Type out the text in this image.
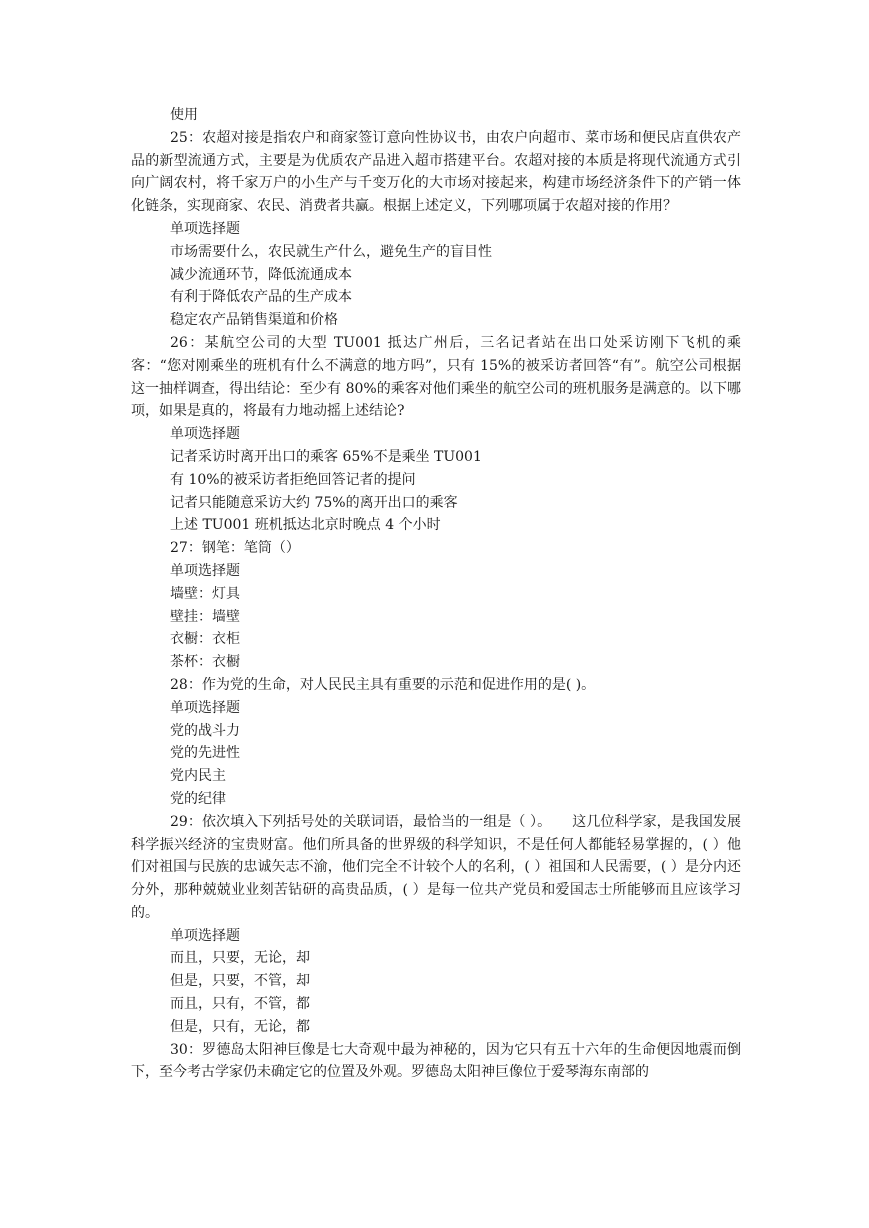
使用
25：农超对接是指农户和商家签订意向性协议书，由农户向超市、菜市场和便民店直供农产品的新型流通方式，主要是为优质农产品进入超市搭建平台。农超对接的本质是将现代流通方式引向广阔农村，将千家万户的小生产与千变万化的大市场对接起来，构建市场经济条件下的产销一体化链条，实现商家、农民、消费者共赢。根据上述定义，下列哪项属于农超对接的作用？
单项选择题
市场需要什么，农民就生产什么，避免生产的盲目性
减少流通环节，降低流通成本
有利于降低农产品的生产成本
稳定农产品销售渠道和价格
26：某航空公司的大型 TU001 抵达广州后，三名记者站在出口处采访刚下飞机的乘客：“您对刚乘坐的班机有什么不满意的地方吗”，只有 15%的被采访者回答“有”。航空公司根据这一抽样调查，得出结论：至少有 80%的乘客对他们乘坐的航空公司的班机服务是满意的。以下哪项，如果是真的，将最有力地动摇上述结论?
单项选择题
记者采访时离开出口的乘客 65%不是乘坐 TU001
有 10%的被采访者拒绝回答记者的提问
记者只能随意采访大约 75%的离开出口的乘客
上述 TU001 班机抵达北京时晚点 4 个小时
27：钢笔：笔筒（）
单项选择题
墙壁：灯具
壁挂：墙壁
衣橱：衣柜
茶杯：衣橱
28：作为党的生命，对人民民主具有重要的示范和促进作用的是( )。
单项选择题
党的战斗力
党的先进性
党内民主
党的纪律
29：依次填入下列括号处的关联词语，最恰当的一组是（ ）。　　这几位科学家，是我国发展科学振兴经济的宝贵财富。他们所具备的世界级的科学知识，不是任何人都能轻易掌握的，( ）他们对祖国与民族的忠诚矢志不渝，他们完全不计较个人的名利，( ）祖国和人民需要，( ）是分内还分外，那种兢兢业业刻苦钻研的高贵品质，( ）是每一位共产党员和爱国志士所能够而且应该学习的。
单项选择题
而且，只要，无论，却
但是，只要，不管，却
而且，只有，不管，都
但是，只有，无论，都
30：罗德岛太阳神巨像是七大奇观中最为神秘的，因为它只有五十六年的生命便因地震而倒下，至今考古学家仍未确定它的位置及外观。罗德岛太阳神巨像位于爱琴海东南部的
